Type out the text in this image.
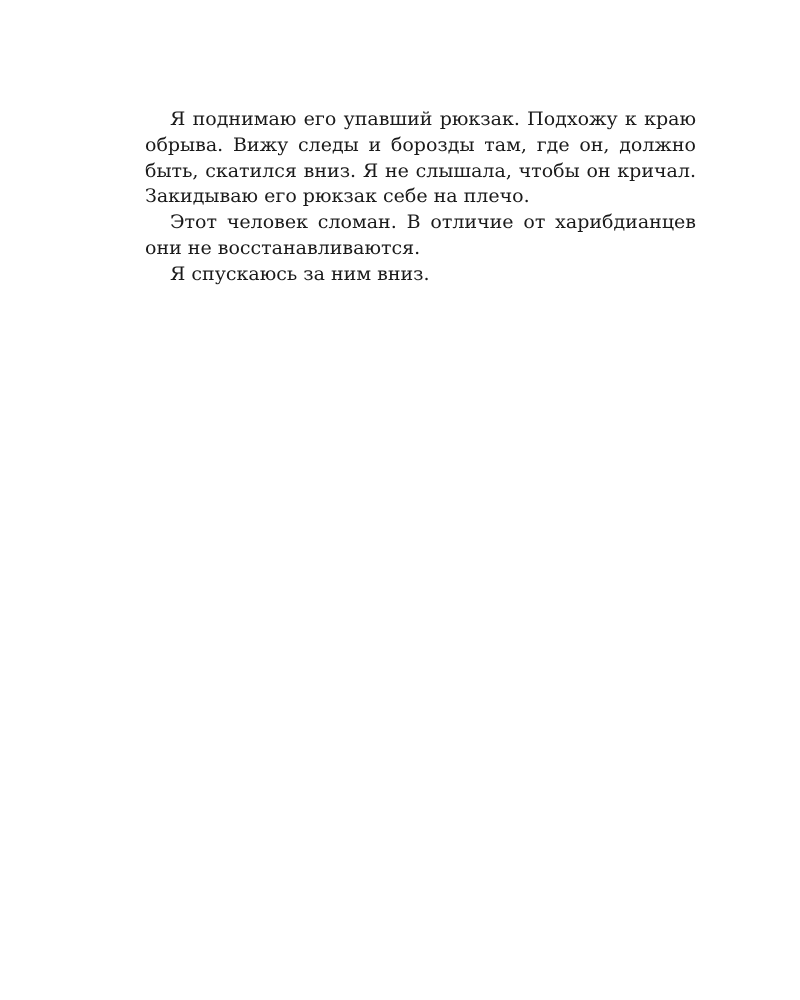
Я поднимаю его упавший рюкзак. Подхожу к краю обрыва. Вижу следы и борозды там, где он, должно быть, скатился вниз. Я не слышала, чтобы он кричал. Закидываю его рюкзак себе на плечо.

Этот человек сломан. В отличие от харибдианцев они не восстанавливаются.

Я спускаюсь за ним вниз.
